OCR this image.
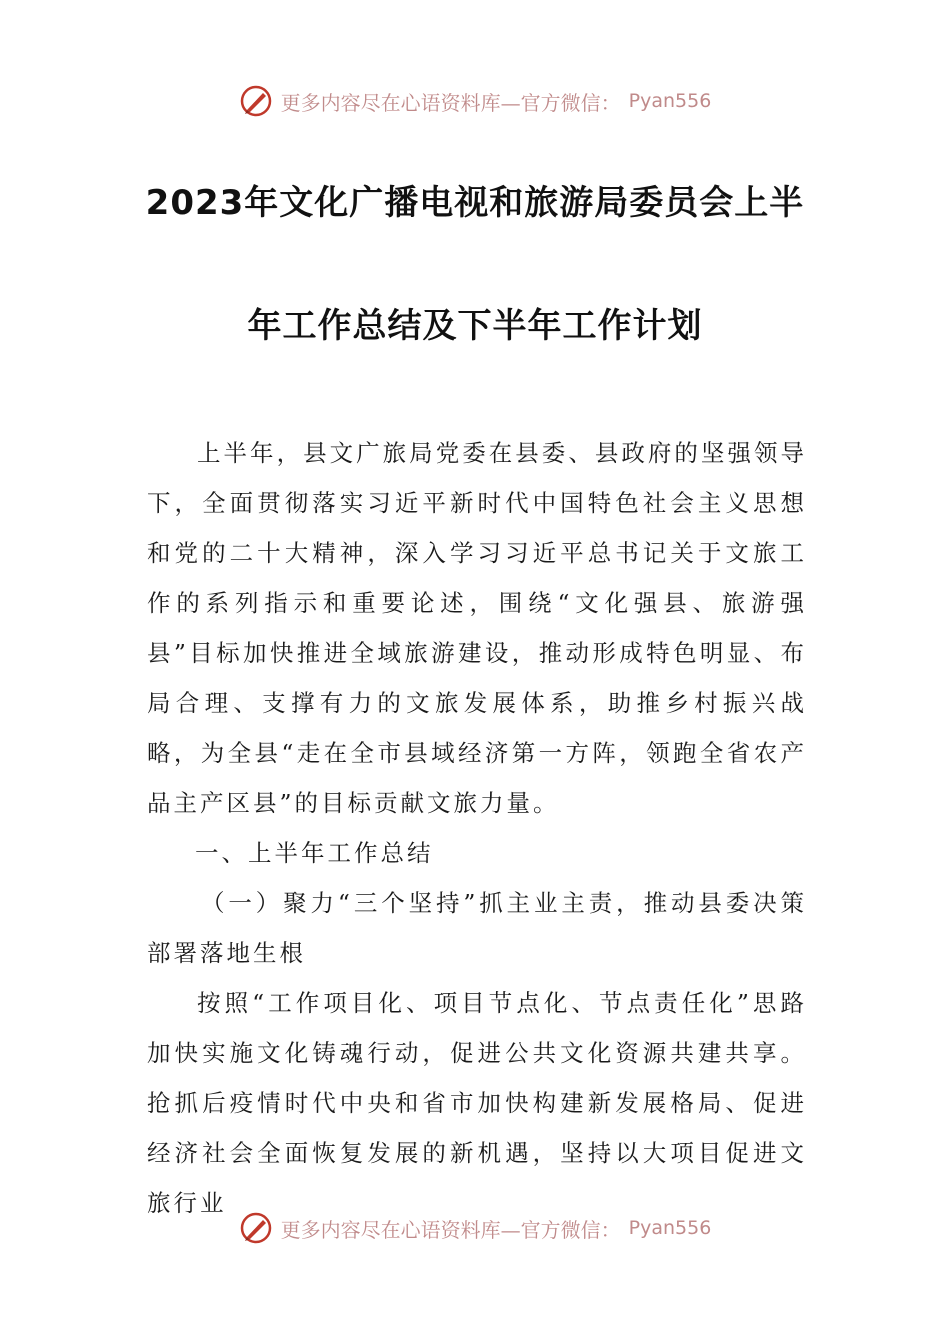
更多内容尽在心语资料库—官方微信： Pyan556
2023年文化广播电视和旅游局委员会上半
年工作总结及下半年工作计划

上半年，县文广旅局党委在县委、县政府的坚强领导下，全面贯彻落实习近平新时代中国特色社会主义思想和党的二十大精神，深入学习习近平总书记关于文旅工作的系列指示和重要论述，围绕“文化强县、旅游强县”目标加快推进全域旅游建设，推动形成特色明显、布局合理、支撑有力的文旅发展体系，助推乡村振兴战略，为全县“走在全市县域经济第一方阵，领跑全省农产品主产区县”的目标贡献文旅力量。

一、上半年工作总结

（一）聚力“三个坚持”抓主业主责，推动县委决策部署落地生根

按照“工作项目化、项目节点化、节点责任化”思路加快实施文化铸魂行动，促进公共文化资源共建共享。抢抓后疫情时代中央和省市加快构建新发展格局、促进经济社会全面恢复发展的新机遇，坚持以大项目促进文旅行业

更多内容尽在心语资料库—官方微信： Pyan556
